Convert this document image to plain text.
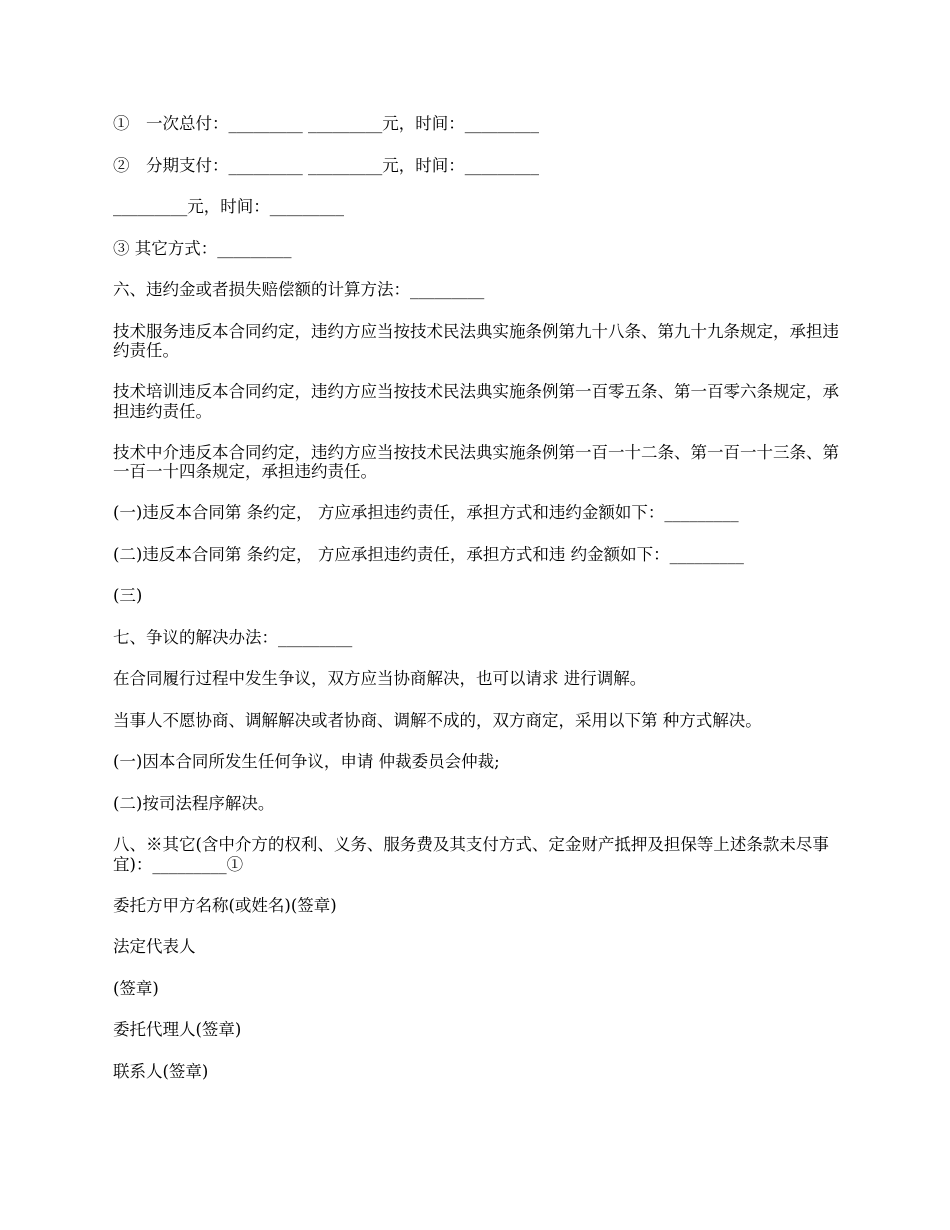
①　一次总付：_________ _________元，时间：_________

②　分期支付：_________ _________元，时间：_________

_________元，时间：_________

③ 其它方式：_________

六、违约金或者损失赔偿额的计算方法：_________

技术服务违反本合同约定，违约方应当按技术民法典实施条例第九十八条、第九十九条规定，承担违约责任。

技术培训违反本合同约定，违约方应当按技术民法典实施条例第一百零五条、第一百零六条规定，承担违约责任。

技术中介违反本合同约定，违约方应当按技术民法典实施条例第一百一十二条、第一百一十三条、第一百一十四条规定，承担违约责任。

(一)违反本合同第 条约定， 方应承担违约责任，承担方式和违约金额如下：_________

(二)违反本合同第 条约定， 方应承担违约责任，承担方式和违 约金额如下：_________

(三)

七、争议的解决办法：_________

在合同履行过程中发生争议，双方应当协商解决，也可以请求 进行调解。

当事人不愿协商、调解解决或者协商、调解不成的，双方商定，采用以下第 种方式解决。

(一)因本合同所发生任何争议，申请 仲裁委员会仲裁;

(二)按司法程序解决。

八、※其它(含中介方的权利、义务、服务费及其支付方式、定金财产抵押及担保等上述条款未尽事宜)：_________①

委托方甲方名称(或姓名)(签章)

法定代表人

(签章)

委托代理人(签章)

联系人(签章)
